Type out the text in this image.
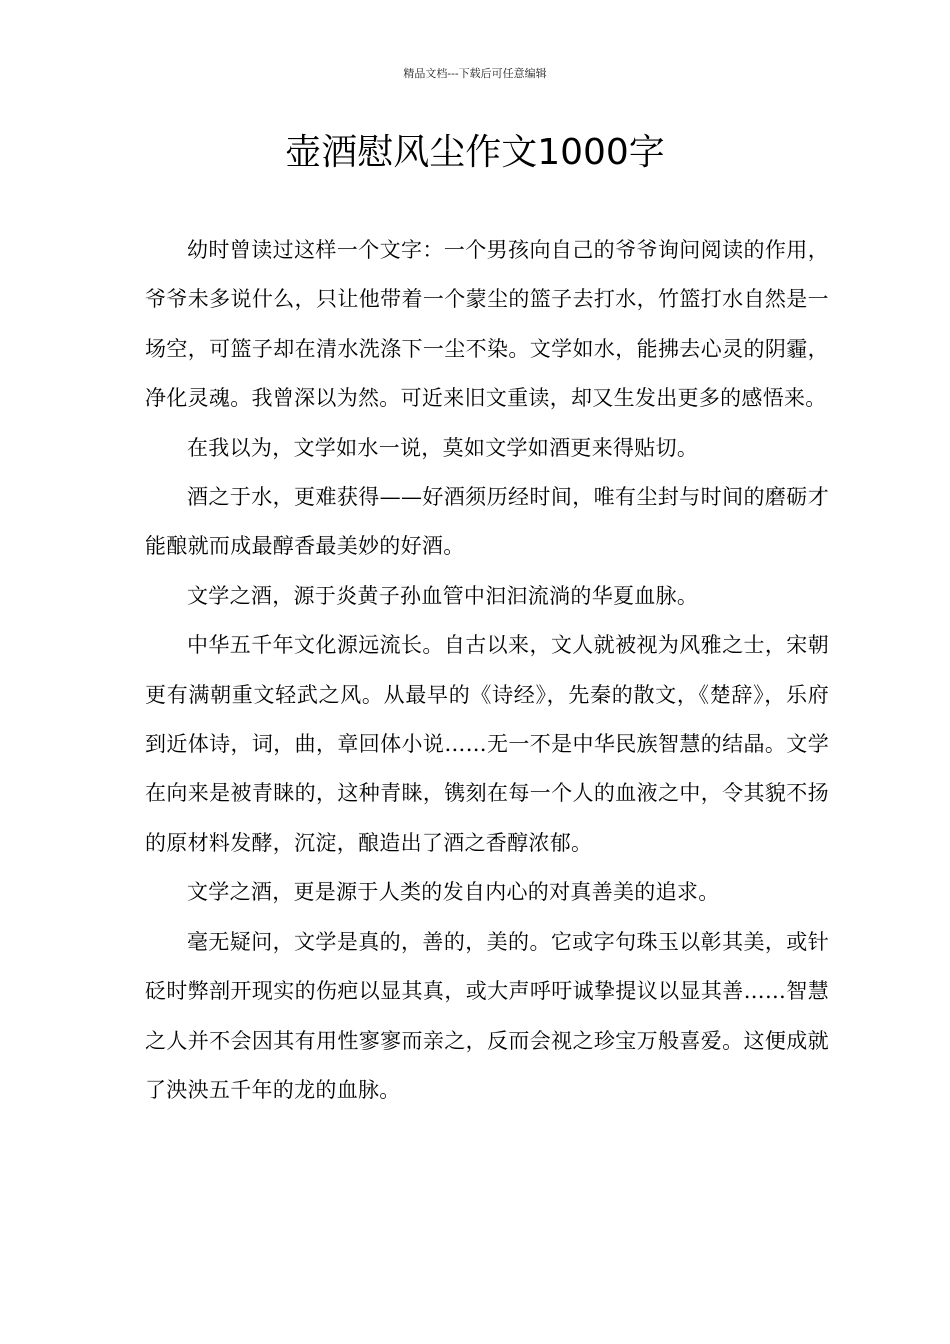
精品文档---下载后可任意编辑
壶酒慰风尘作文1000字

幼时曾读过这样一个文字：一个男孩向自己的爷爷询问阅读的作用，爷爷未多说什么，只让他带着一个蒙尘的篮子去打水，竹篮打水自然是一场空，可篮子却在清水洗涤下一尘不染。文学如水，能拂去心灵的阴霾，净化灵魂。我曾深以为然。可近来旧文重读，却又生发出更多的感悟来。

在我以为，文学如水一说，莫如文学如酒更来得贴切。

酒之于水，更难获得——好酒须历经时间，唯有尘封与时间的磨砺才能酿就而成最醇香最美妙的好酒。

文学之酒，源于炎黄子孙血管中汩汩流淌的华夏血脉。

中华五千年文化源远流长。自古以来，文人就被视为风雅之士，宋朝更有满朝重文轻武之风。从最早的《诗经》，先秦的散文，《楚辞》，乐府到近体诗，词，曲，章回体小说……无一不是中华民族智慧的结晶。文学在向来是被青睐的，这种青睐，镌刻在每一个人的血液之中，令其貌不扬的原材料发酵，沉淀，酿造出了酒之香醇浓郁。

文学之酒，更是源于人类的发自内心的对真善美的追求。

毫无疑问，文学是真的，善的，美的。它或字句珠玉以彰其美，或针砭时弊剖开现实的伤疤以显其真，或大声呼吁诚挚提议以显其善……智慧之人并不会因其有用性寥寥而亲之，反而会视之珍宝万般喜爱。这便成就了泱泱五千年的龙的血脉。
